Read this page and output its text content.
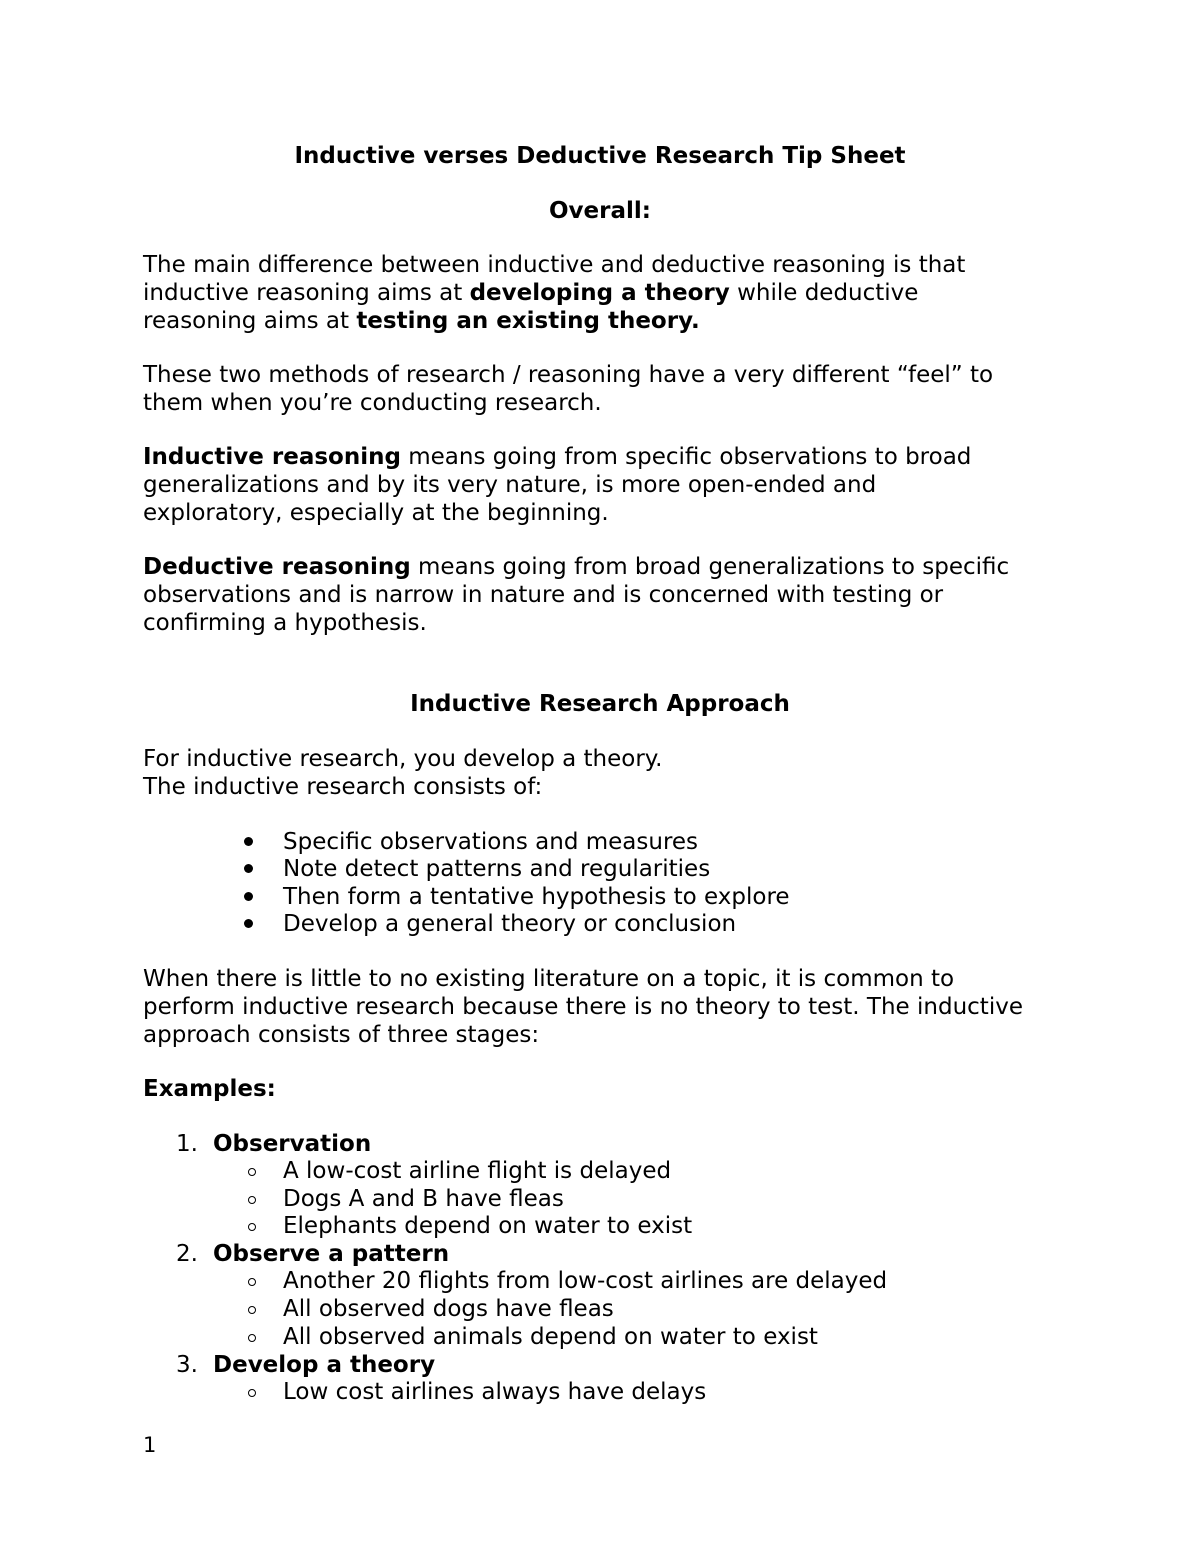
Inductive verses Deductive Research Tip Sheet
Overall:

The main difference between inductive and deductive reasoning is that

inductive reasoning aims at developing a theory while deductive

reasoning aims at testing an existing theory.

These two methods of research / reasoning have a very different “feel” to

them when you’re conducting research.

Inductive reasoning means going from specific observations to broad

generalizations and by its very nature, is more open-ended and

exploratory, especially at the beginning.

Deductive reasoning means going from broad generalizations to specific

observations and is narrow in nature and is concerned with testing or

confirming a hypothesis.

Inductive Research Approach

For inductive research, you develop a theory.

The inductive research consists of:

Specific observations and measures
Note detect patterns and regularities
Then form a tentative hypothesis to explore
Develop a general theory or conclusion

When there is little to no existing literature on a topic, it is common to

perform inductive research because there is no theory to test. The inductive

approach consists of three stages:

Examples:
1. Observation
A low-cost airline flight is delayed
Dogs A and B have fleas
Elephants depend on water to exist
2. Observe a pattern
Another 20 flights from low-cost airlines are delayed
All observed dogs have fleas
All observed animals depend on water to exist
3. Develop a theory
Low cost airlines always have delays
1
